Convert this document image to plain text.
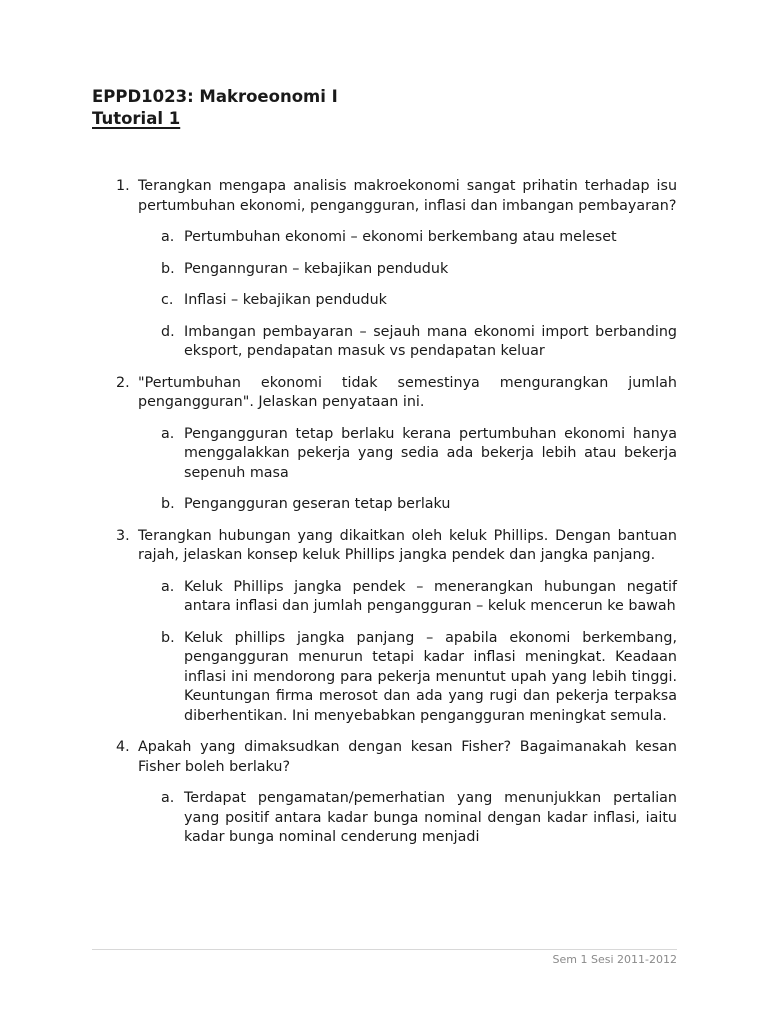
EPPD1023: Makroeonomi I

Tutorial 1

1. Terangkan mengapa analisis makroekonomi sangat prihatin terhadap isu pertumbuhan ekonomi, pengangguran, inflasi dan imbangan pembayaran?

a. Pertumbuhan ekonomi – ekonomi berkembang atau meleset

b. Pengannguran – kebajikan penduduk

c. Inflasi – kebajikan penduduk

d. Imbangan pembayaran – sejauh mana ekonomi import berbanding eksport, pendapatan masuk vs pendapatan keluar

2. "Pertumbuhan ekonomi tidak semestinya mengurangkan jumlah pengangguran". Jelaskan penyataan ini.

a. Pengangguran tetap berlaku kerana pertumbuhan ekonomi hanya menggalakkan pekerja yang sedia ada bekerja lebih atau bekerja sepenuh masa

b. Pengangguran geseran tetap berlaku

3. Terangkan hubungan yang dikaitkan oleh keluk Phillips. Dengan bantuan rajah, jelaskan konsep keluk Phillips jangka pendek dan jangka panjang.

a. Keluk Phillips jangka pendek – menerangkan hubungan negatif antara inflasi dan jumlah pengangguran – keluk mencerun ke bawah

b. Keluk phillips jangka panjang – apabila ekonomi berkembang, pengangguran menurun tetapi kadar inflasi meningkat. Keadaan inflasi ini mendorong para pekerja menuntut upah yang lebih tinggi. Keuntungan firma merosot dan ada yang rugi dan pekerja terpaksa diberhentikan. Ini menyebabkan pengangguran meningkat semula.

4. Apakah yang dimaksudkan dengan kesan Fisher? Bagaimanakah kesan Fisher boleh berlaku?

a. Terdapat pengamatan/pemerhatian yang menunjukkan pertalian yang positif antara kadar bunga nominal dengan kadar inflasi, iaitu kadar bunga nominal cenderung menjadi

Sem 1 Sesi 2011-2012
